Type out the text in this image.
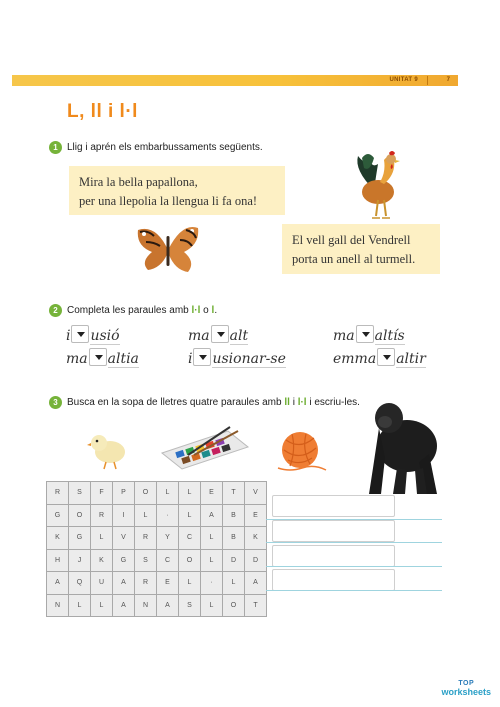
UNITAT 9	7
L, ll i l·l
1 Llig i aprén els embarbussaments següents.
Mira la bella papallona,
per una llepolia la llengua li fa ona!
El vell gall del Vendrell
porta un anell al turmell.
2 Completa les paraules amb l·l o l.
i usió	ma alt	ma altís
ma altia	i usionar-se	emma altir
3 Busca en la sopa de lletres quatre paraules amb ll i l·l i escriu-les.
R	S	F	P	O	L	L	E	T	V
G	O	R	I	L	·	L	A	B	E
K	G	L	V	R	Y	C	L	B	K
H	J	K	G	S	C	O	L	D	D
A	Q	U	A	R	E	L	·	L	A
N	L	L	A	N	A	S	L	O	T
TOP
worksheets
